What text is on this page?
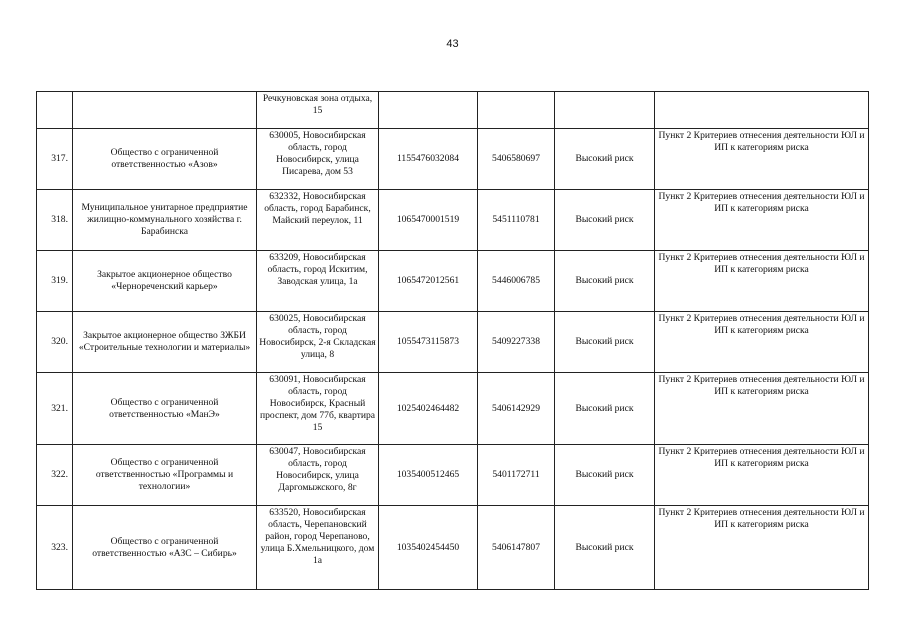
43
		Речкуновская зона отдыха, 15				
317.	Общество с ограниченной ответственностью «Азов»	630005, Новосибирская область, город Новосибирск, улица Писарева, дом 53	1155476032084	5406580697	Высокий риск	Пункт 2 Критериев отнесения деятельности ЮЛ и ИП к категориям риска
318.	Муниципальное унитарное предприятие жилищно-коммунального хозяйства г. Барабинска	632332, Новосибирская область, город Барабинск, Майский переулок, 11	1065470001519	5451110781	Высокий риск	Пункт 2 Критериев отнесения деятельности ЮЛ и ИП к категориям риска
319.	Закрытое акционерное общество «Чернореченский карьер»	633209, Новосибирская область, город Искитим, Заводская улица, 1а	1065472012561	5446006785	Высокий риск	Пункт 2 Критериев отнесения деятельности ЮЛ и ИП к категориям риска
320.	Закрытое акционерное общество ЗЖБИ «Строительные технологии и материалы»	630025, Новосибирская область, город Новосибирск, 2-я Складская улица, 8	1055473115873	5409227338	Высокий риск	Пункт 2 Критериев отнесения деятельности ЮЛ и ИП к категориям риска
321.	Общество с ограниченной ответственностью «МанЭ»	630091, Новосибирская область, город Новосибирск, Красный проспект, дом 77б, квартира 15	1025402464482	5406142929	Высокий риск	Пункт 2 Критериев отнесения деятельности ЮЛ и ИП к категориям риска
322.	Общество с ограниченной ответственностью «Программы и технологии»	630047, Новосибирская область, город Новосибирск, улица Даргомыжского, 8г	1035400512465	5401172711	Высокий риск	Пункт 2 Критериев отнесения деятельности ЮЛ и ИП к категориям риска
323.	Общество с ограниченной ответственностью «АЗС – Сибирь»	633520, Новосибирская область, Черепановский район, город Черепаново, улица Б.Хмельницкого, дом 1а	1035402454450	5406147807	Высокий риск	Пункт 2 Критериев отнесения деятельности ЮЛ и ИП к категориям риска
